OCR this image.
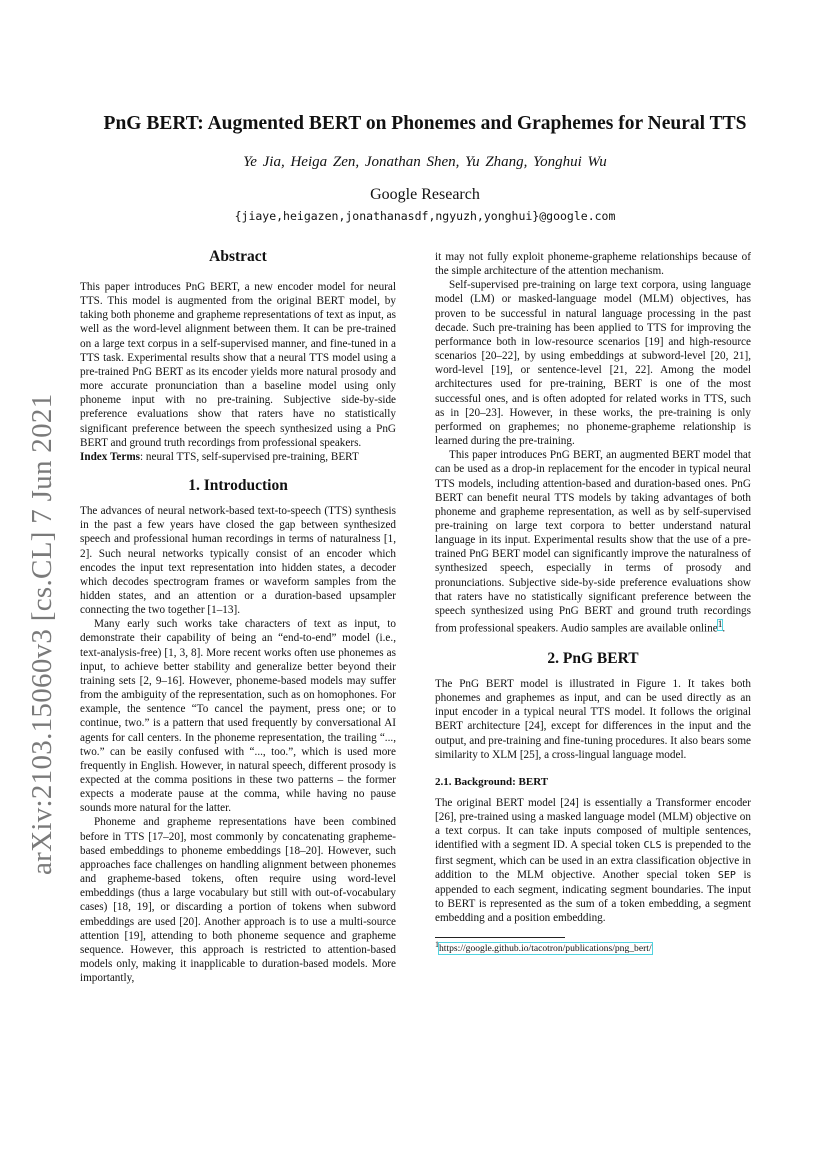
arXiv:2103.15060v3 [cs.CL] 7 Jun 2021
PnG BERT: Augmented BERT on Phonemes and Graphemes for Neural TTS
Ye Jia, Heiga Zen, Jonathan Shen, Yu Zhang, Yonghui Wu
Google Research
{jiaye,heigazen,jonathanasdf,ngyuzh,yonghui}@google.com
Abstract

This paper introduces PnG BERT, a new encoder model for neural TTS. This model is augmented from the original BERT model, by taking both phoneme and grapheme representations of text as input, as well as the word-level alignment between them. It can be pre-trained on a large text corpus in a self-supervised manner, and fine-tuned in a TTS task. Experimental results show that a neural TTS model using a pre-trained PnG BERT as its encoder yields more natural prosody and more accurate pronunciation than a baseline model using only phoneme input with no pre-training. Subjective side-by-side preference evaluations show that raters have no statistically significant preference between the speech synthesized using a PnG BERT and ground truth recordings from professional speakers.
Index Terms: neural TTS, self-supervised pre-training, BERT

1. Introduction

The advances of neural network-based text-to-speech (TTS) synthesis in the past a few years have closed the gap between synthesized speech and professional human recordings in terms of naturalness [1, 2]. Such neural networks typically consist of an encoder which encodes the input text representation into hidden states, a decoder which decodes spectrogram frames or waveform samples from the hidden states, and an attention or a duration-based upsampler connecting the two together [1–13].

Many early such works take characters of text as input, to demonstrate their capability of being an “end-to-end” model (i.e., text-analysis-free) [1, 3, 8]. More recent works often use phonemes as input, to achieve better stability and generalize better beyond their training sets [2, 9–16]. However, phoneme-based models may suffer from the ambiguity of the representation, such as on homophones. For example, the sentence “To cancel the payment, press one; or to continue, two.” is a pattern that used frequently by conversational AI agents for call centers. In the phoneme representation, the trailing “..., two.” can be easily confused with “..., too.”, which is used more frequently in English. However, in natural speech, different prosody is expected at the comma positions in these two patterns – the former expects a moderate pause at the comma, while having no pause sounds more natural for the latter.

Phoneme and grapheme representations have been combined before in TTS [17–20], most commonly by concatenating grapheme-based embeddings to phoneme embeddings [18–20]. However, such approaches face challenges on handling alignment between phonemes and grapheme-based tokens, often require using word-level embeddings (thus a large vocabulary but still with out-of-vocabulary cases) [18, 19], or discarding a portion of tokens when subword embeddings are used [20]. Another approach is to use a multi-source attention [19], attending to both phoneme sequence and grapheme sequence. However, this approach is restricted to attention-based models only, making it inapplicable to duration-based models. More importantly,

it may not fully exploit phoneme-grapheme relationships because of the simple architecture of the attention mechanism.

Self-supervised pre-training on large text corpora, using language model (LM) or masked-language model (MLM) objectives, has proven to be successful in natural language processing in the past decade. Such pre-training has been applied to TTS for improving the performance both in low-resource scenarios [19] and high-resource scenarios [20–22], by using embeddings at subword-level [20, 21], word-level [19], or sentence-level [21, 22]. Among the model architectures used for pre-training, BERT is one of the most successful ones, and is often adopted for related works in TTS, such as in [20–23]. However, in these works, the pre-training is only performed on graphemes; no phoneme-grapheme relationship is learned during the pre-training.

This paper introduces PnG BERT, an augmented BERT model that can be used as a drop-in replacement for the encoder in typical neural TTS models, including attention-based and duration-based ones. PnG BERT can benefit neural TTS models by taking advantages of both phoneme and grapheme representation, as well as by self-supervised pre-training on large text corpora to better understand natural language in its input. Experimental results show that the use of a pre-trained PnG BERT model can significantly improve the naturalness of synthesized speech, especially in terms of prosody and pronunciations. Subjective side-by-side preference evaluations show that raters have no statistically significant preference between the speech synthesized using PnG BERT and ground truth recordings from professional speakers. Audio samples are available online$^1$.

2. PnG BERT

The PnG BERT model is illustrated in Figure 1. It takes both phonemes and graphemes as input, and can be used directly as an input encoder in a typical neural TTS model. It follows the original BERT architecture [24], except for differences in the input and the output, and pre-training and fine-tuning procedures. It also bears some similarity to XLM [25], a cross-lingual language model.

2.1. Background: BERT

The original BERT model [24] is essentially a Transformer encoder [26], pre-trained using a masked language model (MLM) objective on a text corpus. It can take inputs composed of multiple sentences, identified with a segment ID. A special token CLS is prepended to the first segment, which can be used in an extra classification objective in addition to the MLM objective. Another special token SEP is appended to each segment, indicating segment boundaries. The input to BERT is represented as the sum of a token embedding, a segment embedding and a position embedding.

$^1$https://google.github.io/tacotron/publications/png_bert/
